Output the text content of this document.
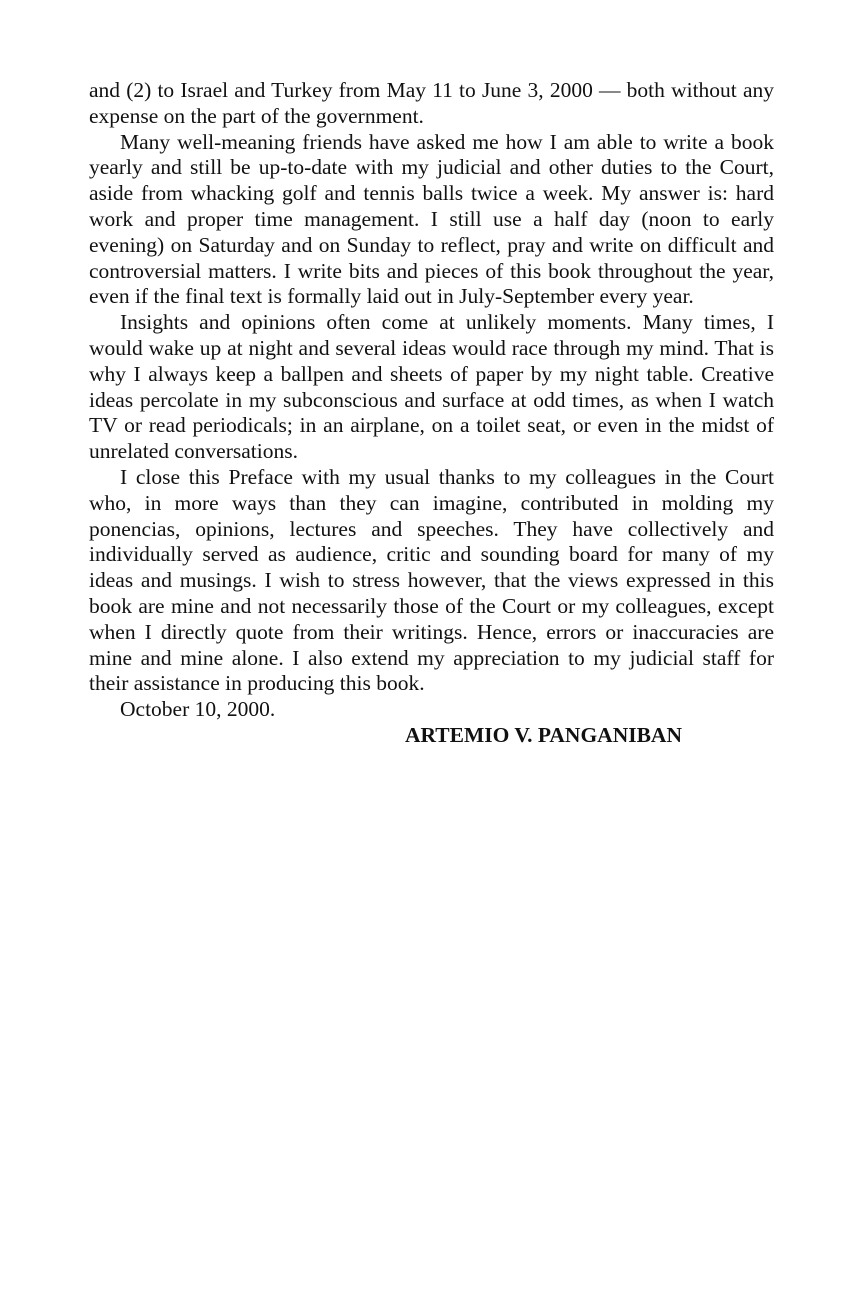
and (2) to Israel and Turkey from May 11 to June 3, 2000 — both without any expense on the part of the government.

Many well-meaning friends have asked me how I am able to write a book yearly and still be up-to-date with my judicial and other duties to the Court, aside from whacking golf and tennis balls twice a week. My answer is: hard work and proper time management. I still use a half day (noon to early evening) on Saturday and on Sunday to reflect, pray and write on difficult and controversial matters. I write bits and pieces of this book throughout the year, even if the final text is formally laid out in July-September every year.

Insights and opinions often come at unlikely moments. Many times, I would wake up at night and several ideas would race through my mind. That is why I always keep a ballpen and sheets of paper by my night table. Creative ideas percolate in my subconscious and surface at odd times, as when I watch TV or read periodicals; in an airplane, on a toilet seat, or even in the midst of unrelated conversations.

I close this Preface with my usual thanks to my colleagues in the Court who, in more ways than they can imagine, contributed in molding my ponencias, opinions, lectures and speeches. They have collectively and individually served as audience, critic and sounding board for many of my ideas and musings. I wish to stress however, that the views expressed in this book are mine and not necessarily those of the Court or my colleagues, except when I directly quote from their writings. Hence, errors or inaccuracies are mine and mine alone. I also extend my appreciation to my judicial staff for their assistance in producing this book.

October 10, 2000.

ARTEMIO V. PANGANIBAN
